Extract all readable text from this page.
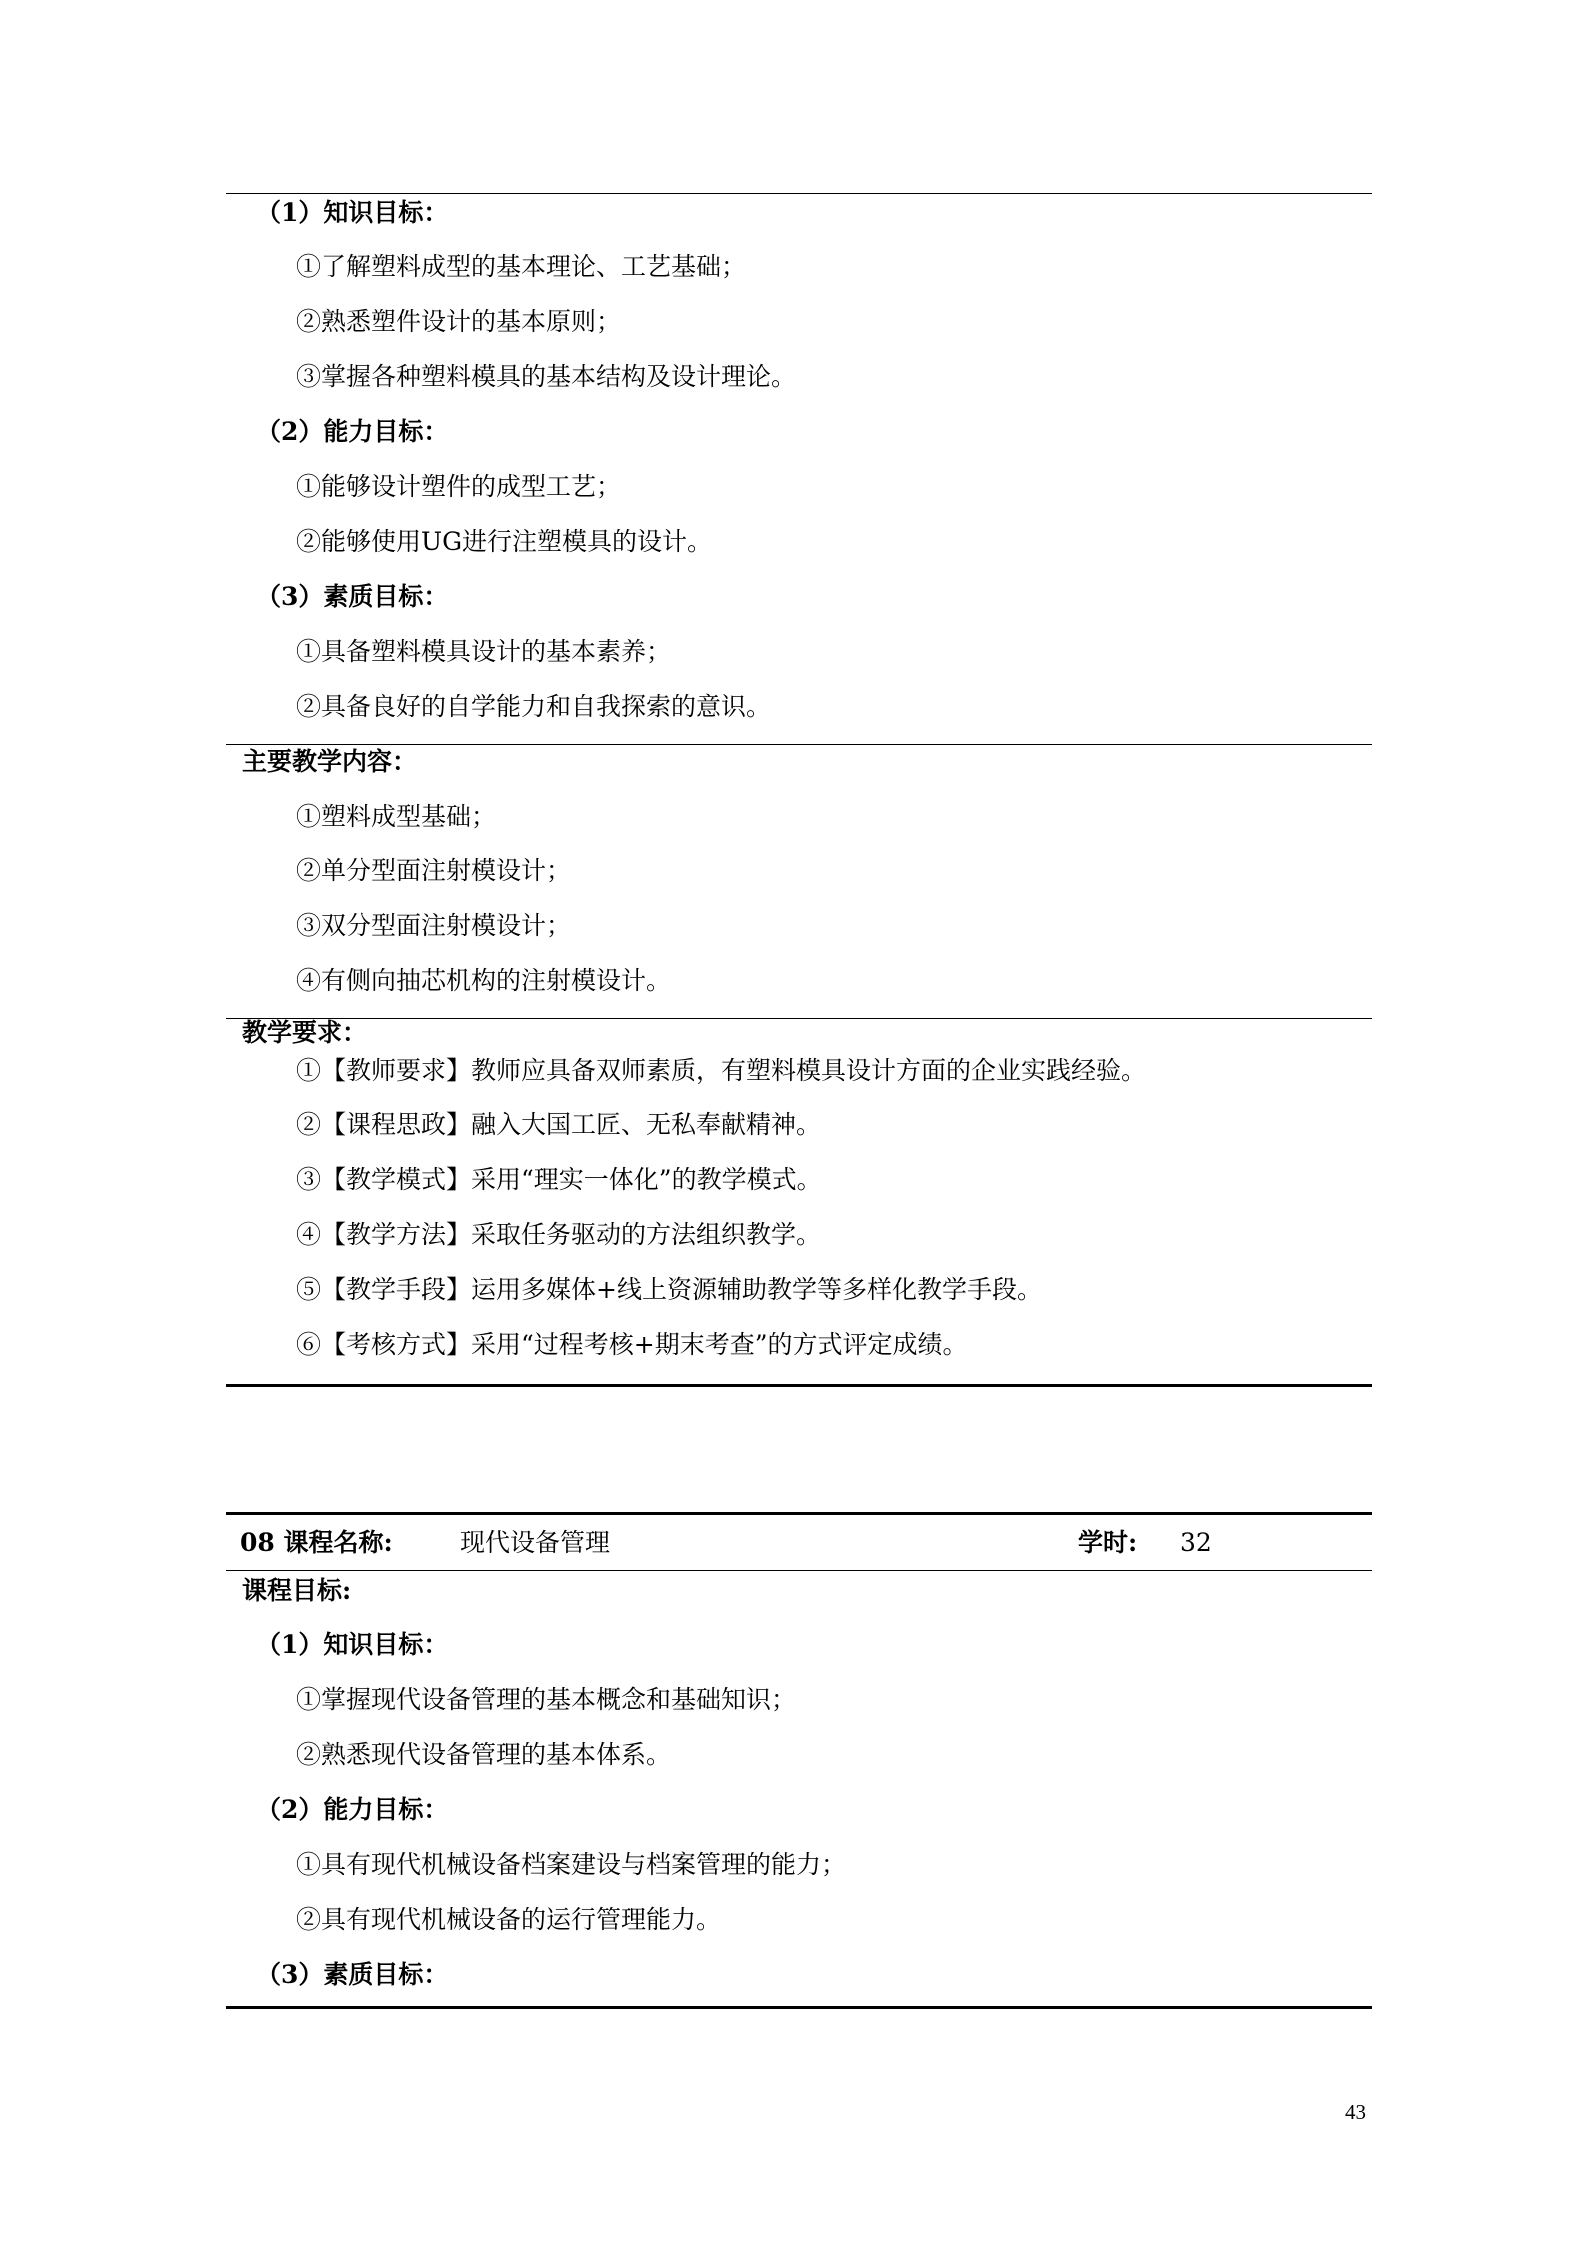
（1）知识目标：
①了解塑料成型的基本理论、工艺基础；
②熟悉塑件设计的基本原则；
③掌握各种塑料模具的基本结构及设计理论。
（2）能力目标：
①能够设计塑件的成型工艺；
②能够使用UG进行注塑模具的设计。
（3）素质目标：
①具备塑料模具设计的基本素养；
②具备良好的自学能力和自我探索的意识。
主要教学内容：
①塑料成型基础；
②单分型面注射模设计；
③双分型面注射模设计；
④有侧向抽芯机构的注射模设计。
教学要求：
①【教师要求】教师应具备双师素质，有塑料模具设计方面的企业实践经验。
②【课程思政】融入大国工匠、无私奉献精神。
③【教学模式】采用“理实一体化”的教学模式。
④【教学方法】采取任务驱动的方法组织教学。
⑤【教学手段】运用多媒体+线上资源辅助教学等多样化教学手段。
⑥【考核方式】采用“过程考核+期末考查”的方式评定成绩。
08 课程名称:	现代设备管理	学时: 32
课程目标:
（1）知识目标：
①掌握现代设备管理的基本概念和基础知识；
②熟悉现代设备管理的基本体系。
（2）能力目标：
①具有现代机械设备档案建设与档案管理的能力；
②具有现代机械设备的运行管理能力。
（3）素质目标：
43
